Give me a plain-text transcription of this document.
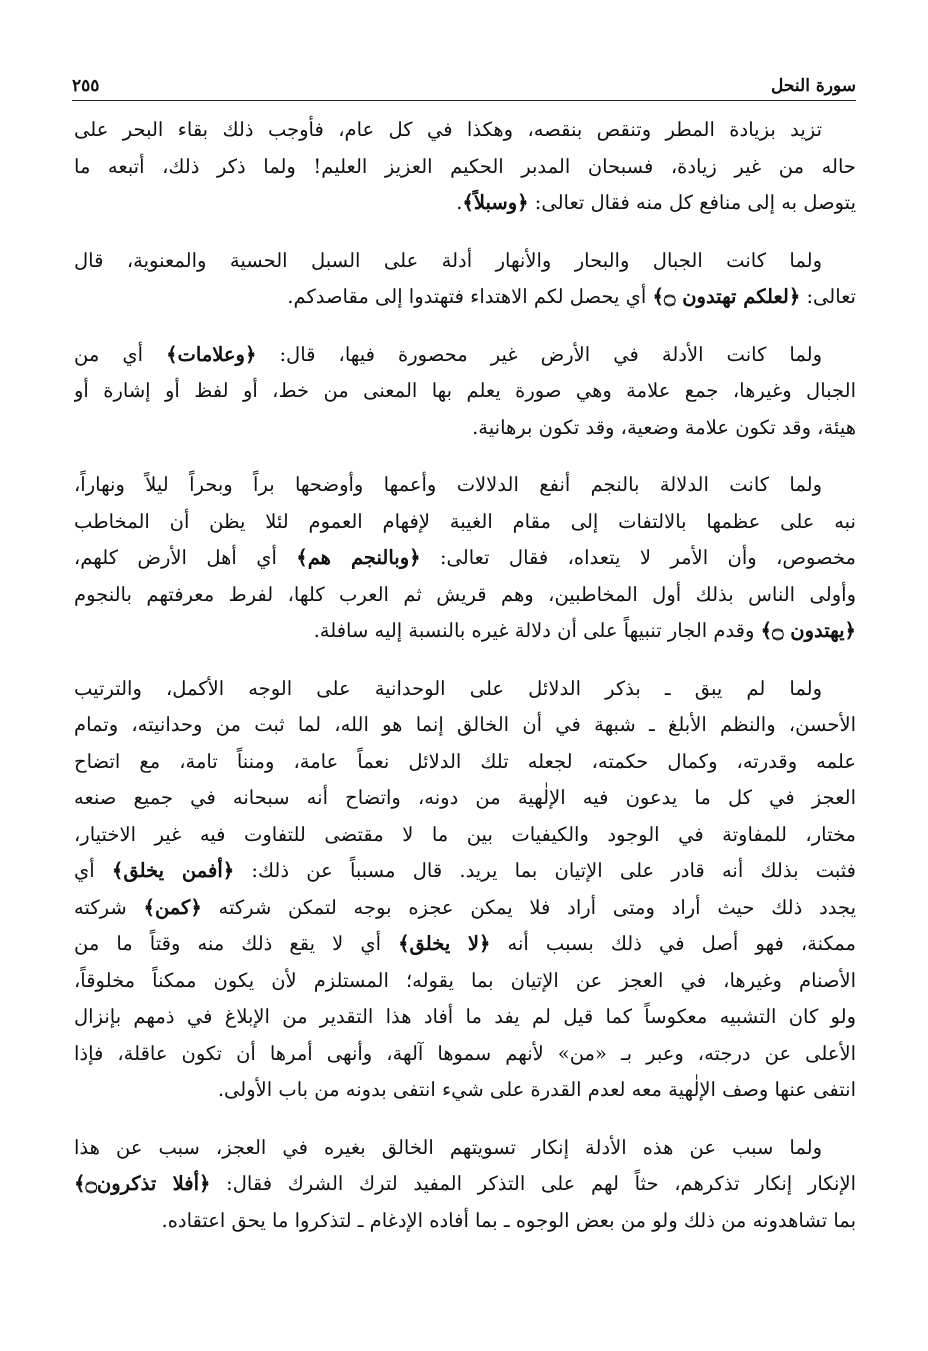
سورة النحل
٢٥٥
تزيد بزيادة المطر وتنقص بنقصه، وهكذا في كل عام، فأوجب ذلك بقاء البحر على
حاله من غير زيادة، فسبحان المدبر الحكيم العزيز العليم! ولما ذكر ذلك، أتبعه ما
يتوصل به إلى منافع كل منه فقال تعالى: ﴿وسبلاً﴾.
ولما كانت الجبال والبحار والأنهار أدلة على السبل الحسية والمعنوية، قال
تعالى: ﴿لعلكم تهتدون ۝﴾ أي يحصل لكم الاهتداء فتهتدوا إلى مقاصدكم.
ولما كانت الأدلة في الأرض غير محصورة فيها، قال: ﴿وعلامات﴾ أي من
الجبال وغيرها، جمع علامة وهي صورة يعلم بها المعنى من خط، أو لفظ أو إشارة أو
هيئة، وقد تكون علامة وضعية، وقد تكون برهانية.
ولما كانت الدلالة بالنجم أنفع الدلالات وأعمها وأوضحها براً وبحراً ليلاً ونهاراً،
نبه على عظمها بالالتفات إلى مقام الغيبة لإفهام العموم لئلا يظن أن المخاطب
مخصوص، وأن الأمر لا يتعداه، فقال تعالى: ﴿وبالنجم هم﴾ أي أهل الأرض كلهم،
وأولى الناس بذلك أول المخاطبين، وهم قريش ثم العرب كلها، لفرط معرفتهم بالنجوم
﴿يهتدون ۝﴾ وقدم الجار تنبيهاً على أن دلالة غيره بالنسبة إليه سافلة.
ولما لم يبق ـ بذكر الدلائل على الوحدانية على الوجه الأكمل، والترتيب
الأحسن، والنظم الأبلغ ـ شبهة في أن الخالق إنما هو الله، لما ثبت من وحدانيته، وتمام
علمه وقدرته، وكمال حكمته، لجعله تلك الدلائل نعماً عامة، ومنناً تامة، مع اتضاح
العجز في كل ما يدعون فيه الإلٰهية من دونه، واتضاح أنه سبحانه في جميع صنعه
مختار، للمفاوتة في الوجود والكيفيات بين ما لا مقتضى للتفاوت فيه غير الاختيار،
فثبت بذلك أنه قادر على الإتيان بما يريد. قال مسبباً عن ذلك: ﴿أفمن يخلق﴾ أي
يجدد ذلك حيث أراد ومتى أراد فلا يمكن عجزه بوجه لتمكن شركته ﴿كمن﴾ شركته
ممكنة، فهو أصل في ذلك بسبب أنه ﴿لا يخلق﴾ أي لا يقع ذلك منه وقتاً ما من
الأصنام وغيرها، في العجز عن الإتيان بما يقوله؛ المستلزم لأن يكون ممكناً مخلوقاً،
ولو كان التشبيه معكوساً كما قيل لم يفد ما أفاد هذا التقدير من الإبلاغ في ذمهم بإنزال
الأعلى عن درجته، وعبر بـ «من» لأنهم سموها آلهة، وأنهى أمرها أن تكون عاقلة، فإذا
انتفى عنها وصف الإلٰهية معه لعدم القدرة على شيء انتفى بدونه من باب الأولى.
ولما سبب عن هذه الأدلة إنكار تسويتهم الخالق بغيره في العجز، سبب عن هذا
الإنكار إنكار تذكرهم، حثاً لهم على التذكر المفيد لترك الشرك فقال: ﴿أفلا تذكرون۝﴾
بما تشاهدونه من ذلك ولو من بعض الوجوه ـ بما أفاده الإدغام ـ لتذكروا ما يحق اعتقاده.
